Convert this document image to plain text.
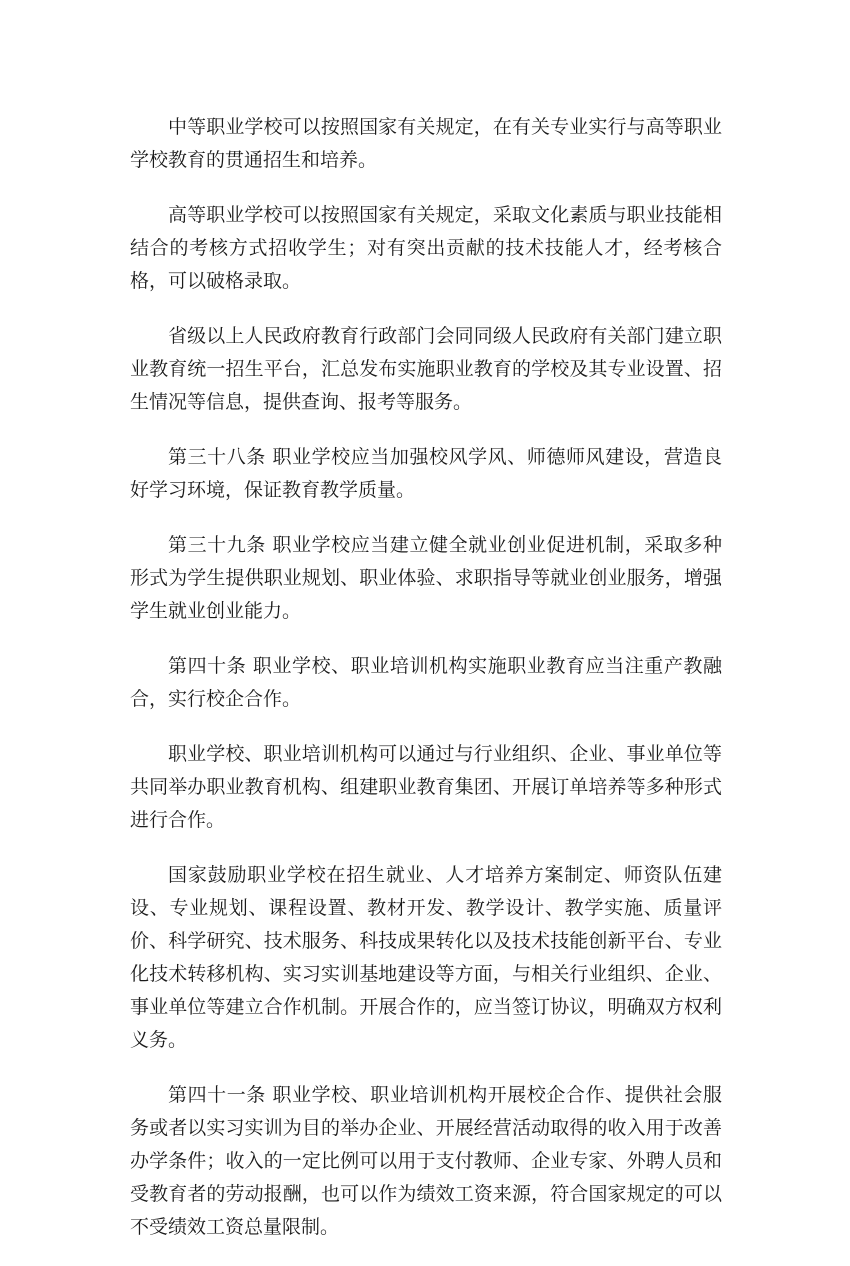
中等职业学校可以按照国家有关规定，在有关专业实行与高等职业学校教育的贯通招生和培养。

高等职业学校可以按照国家有关规定，采取文化素质与职业技能相结合的考核方式招收学生；对有突出贡献的技术技能人才，经考核合格，可以破格录取。

省级以上人民政府教育行政部门会同同级人民政府有关部门建立职业教育统一招生平台，汇总发布实施职业教育的学校及其专业设置、招生情况等信息，提供查询、报考等服务。

第三十八条 职业学校应当加强校风学风、师德师风建设，营造良好学习环境，保证教育教学质量。

第三十九条 职业学校应当建立健全就业创业促进机制，采取多种形式为学生提供职业规划、职业体验、求职指导等就业创业服务，增强学生就业创业能力。

第四十条 职业学校、职业培训机构实施职业教育应当注重产教融合，实行校企合作。

职业学校、职业培训机构可以通过与行业组织、企业、事业单位等共同举办职业教育机构、组建职业教育集团、开展订单培养等多种形式进行合作。

国家鼓励职业学校在招生就业、人才培养方案制定、师资队伍建设、专业规划、课程设置、教材开发、教学设计、教学实施、质量评价、科学研究、技术服务、科技成果转化以及技术技能创新平台、专业化技术转移机构、实习实训基地建设等方面，与相关行业组织、企业、事业单位等建立合作机制。开展合作的，应当签订协议，明确双方权利义务。

第四十一条 职业学校、职业培训机构开展校企合作、提供社会服务或者以实习实训为目的举办企业、开展经营活动取得的收入用于改善办学条件；收入的一定比例可以用于支付教师、企业专家、外聘人员和受教育者的劳动报酬，也可以作为绩效工资来源，符合国家规定的可以不受绩效工资总量限制。
